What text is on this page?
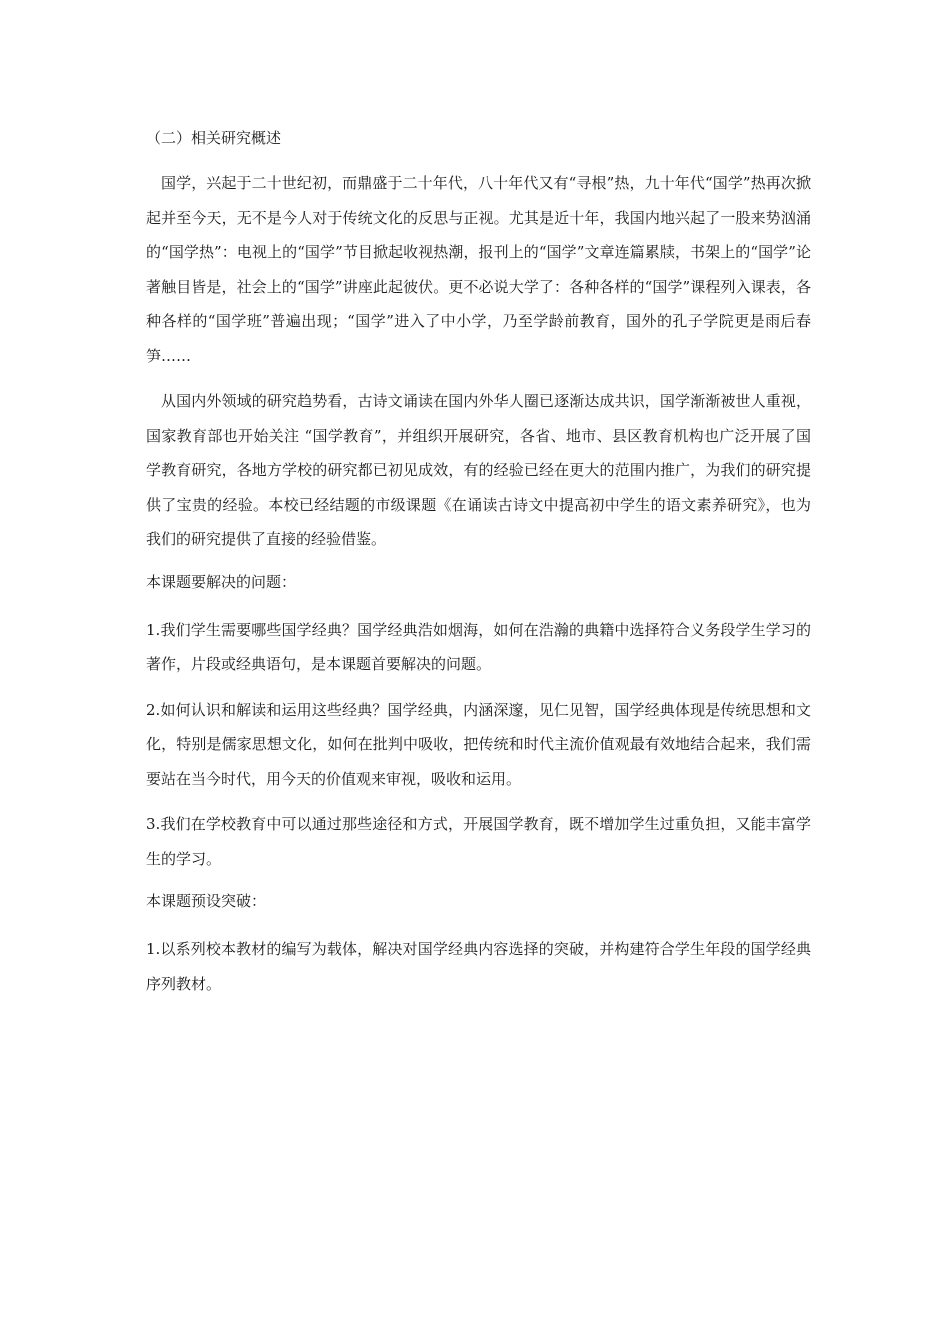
（二）相关研究概述

国学，兴起于二十世纪初，而鼎盛于二十年代，八十年代又有“寻根”热，九十年代“国学”热再次掀起并至今天，无不是今人对于传统文化的反思与正视。尤其是近十年，我国内地兴起了一股来势汹涌的“国学热”：电视上的“国学”节目掀起收视热潮，报刊上的“国学”文章连篇累牍，书架上的“国学”论著触目皆是，社会上的“国学”讲座此起彼伏。更不必说大学了：各种各样的“国学”课程列入课表，各种各样的“国学班”普遍出现；“国学”进入了中小学，乃至学龄前教育，国外的孔子学院更是雨后春笋……

从国内外领域的研究趋势看，古诗文诵读在国内外华人圈已逐渐达成共识，国学渐渐被世人重视，国家教育部也开始关注 “国学教育”，并组织开展研究，各省、地市、县区教育机构也广泛开展了国学教育研究，各地方学校的研究都已初见成效，有的经验已经在更大的范围内推广，为我们的研究提供了宝贵的经验。本校已经结题的市级课题《在诵读古诗文中提高初中学生的语文素养研究》，也为我们的研究提供了直接的经验借鉴。

本课题要解决的问题：

1.我们学生需要哪些国学经典？国学经典浩如烟海，如何在浩瀚的典籍中选择符合义务段学生学习的著作，片段或经典语句，是本课题首要解决的问题。

2.如何认识和解读和运用这些经典？国学经典，内涵深邃，见仁见智，国学经典体现是传统思想和文化，特别是儒家思想文化，如何在批判中吸收，把传统和时代主流价值观最有效地结合起来，我们需要站在当今时代，用今天的价值观来审视，吸收和运用。

3.我们在学校教育中可以通过那些途径和方式，开展国学教育，既不增加学生过重负担，又能丰富学生的学习。

本课题预设突破：

1.以系列校本教材的编写为载体，解决对国学经典内容选择的突破，并构建符合学生年段的国学经典序列教材。
